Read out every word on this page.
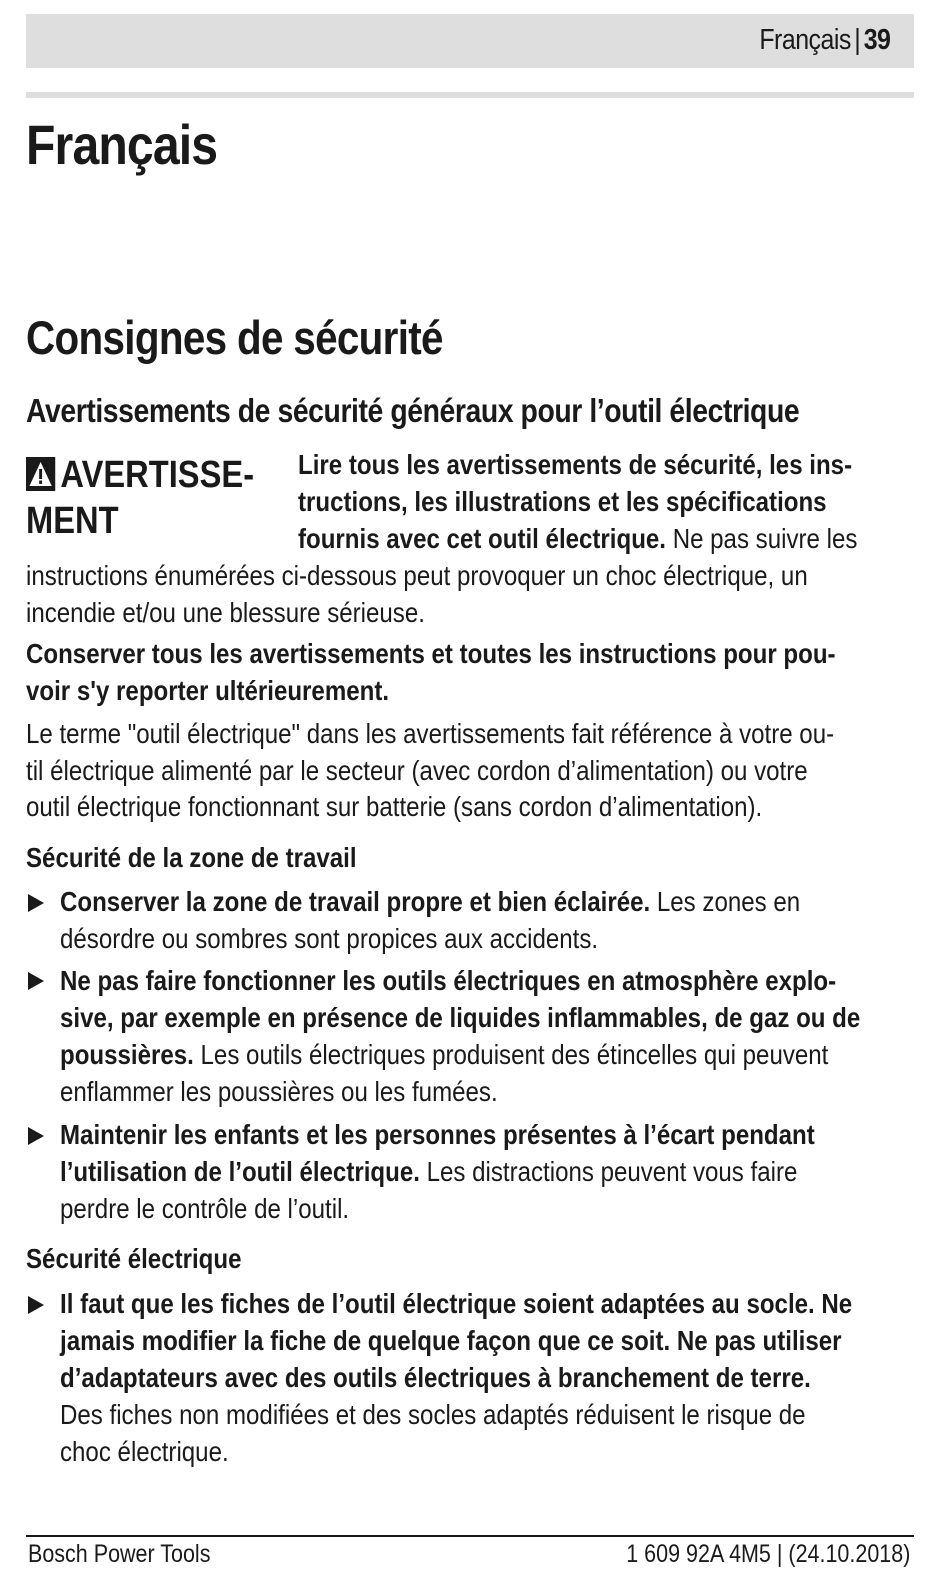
Français | 39
Français
Consignes de sécurité
Avertissements de sécurité généraux pour l’outil électrique
AVERTISSE-
MENT
Lire tous les avertissements de sécurité, les ins-
tructions, les illustrations et les spécifications
fournis avec cet outil électrique. Ne pas suivre les
instructions énumérées ci-dessous peut provoquer un choc électrique, un
incendie et/ou une blessure sérieuse.
Conserver tous les avertissements et toutes les instructions pour pou-
voir s'y reporter ultérieurement.
Le terme "outil électrique" dans les avertissements fait référence à votre ou-
til électrique alimenté par le secteur (avec cordon d’alimentation) ou votre
outil électrique fonctionnant sur batterie (sans cordon d’alimentation).
Sécurité de la zone de travail
Conserver la zone de travail propre et bien éclairée. Les zones en
désordre ou sombres sont propices aux accidents.
Ne pas faire fonctionner les outils électriques en atmosphère explo-
sive, par exemple en présence de liquides inflammables, de gaz ou de
poussières. Les outils électriques produisent des étincelles qui peuvent
enflammer les poussières ou les fumées.
Maintenir les enfants et les personnes présentes à l’écart pendant
l’utilisation de l’outil électrique. Les distractions peuvent vous faire
perdre le contrôle de l’outil.
Sécurité électrique
Il faut que les fiches de l’outil électrique soient adaptées au socle. Ne
jamais modifier la fiche de quelque façon que ce soit. Ne pas utiliser
d’adaptateurs avec des outils électriques à branchement de terre.
Des fiches non modifiées et des socles adaptés réduisent le risque de
choc électrique.
Bosch Power Tools	1 609 92A 4M5 | (24.10.2018)
